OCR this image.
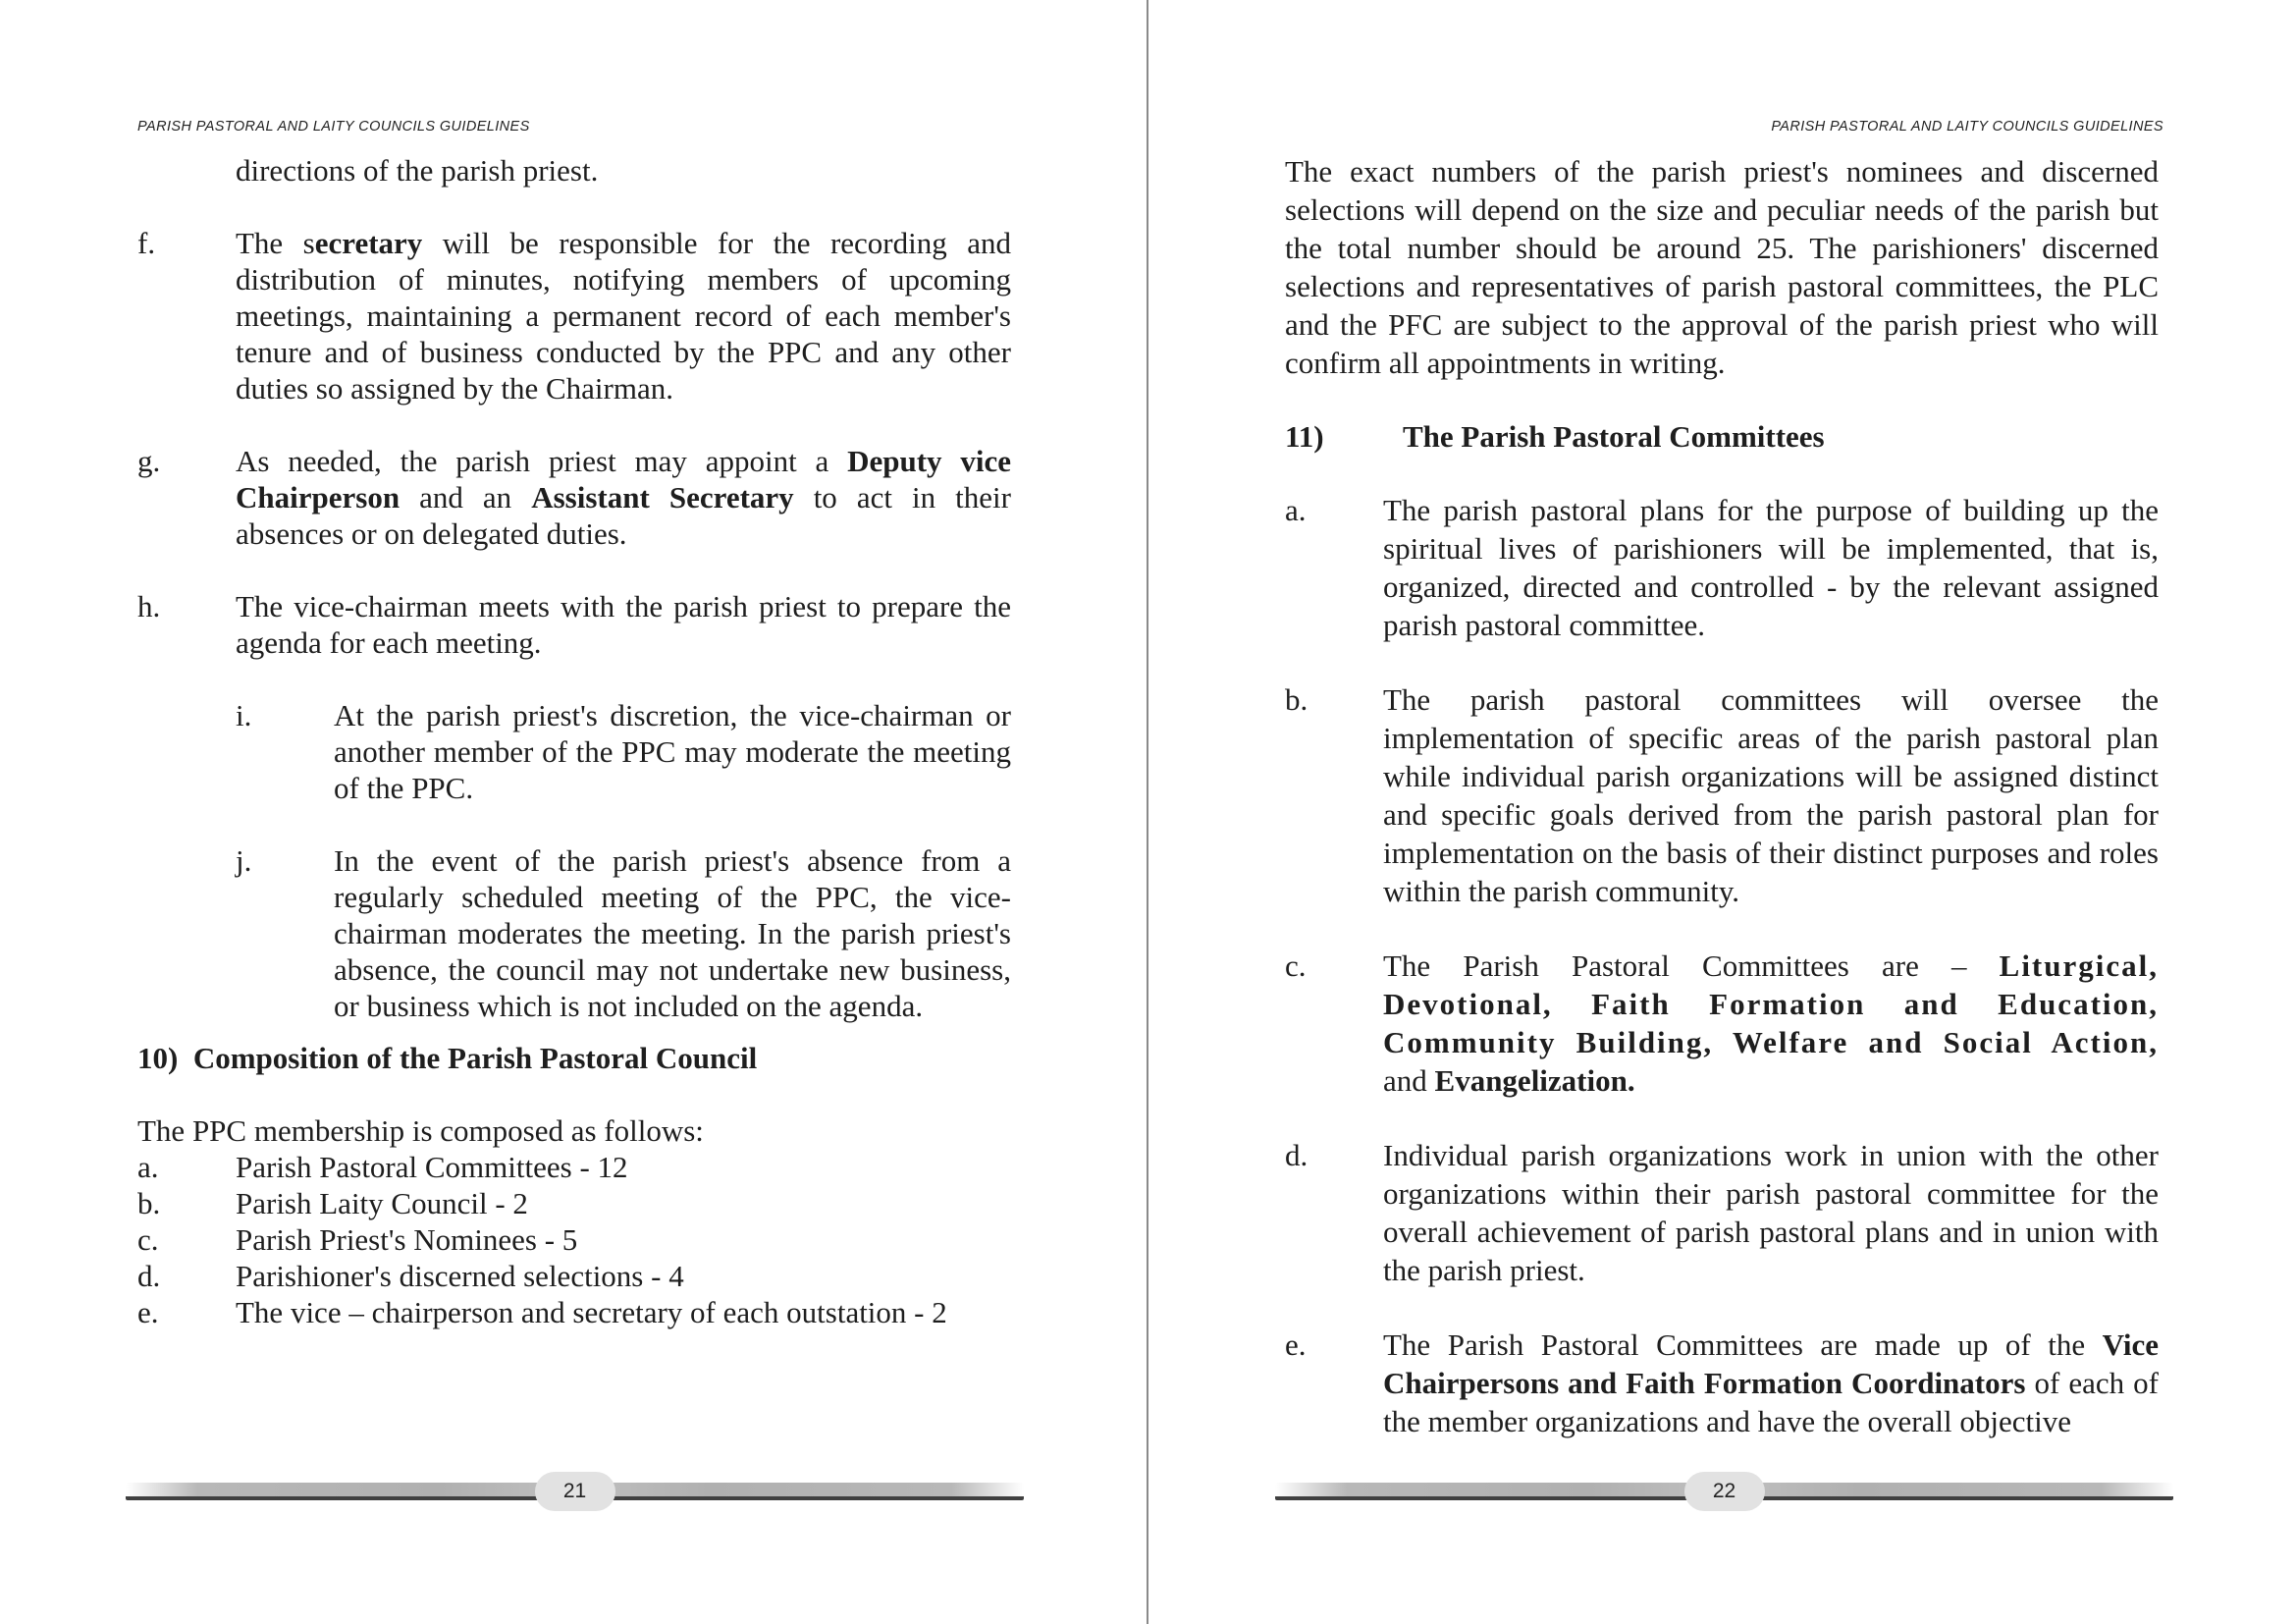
PARISH PASTORAL AND LAITY COUNCILS GUIDELINES
directions of the parish priest.
f.	The secretary will be responsible for the recording and distribution of minutes, notifying members of upcoming meetings, maintaining a permanent record of each member's tenure and of business conducted by the PPC and any other duties so assigned by the Chairman.
g.	As needed, the parish priest may appoint a Deputy vice Chairperson and an Assistant Secretary to act in their absences or on delegated duties.
h.	The vice-chairman meets with the parish priest to prepare the agenda for each meeting.
i.	At the parish priest's discretion, the vice-chairman or another member of the PPC may moderate the meeting of the PPC.
j.	In the event of the parish priest's absence from a regularly scheduled meeting of the PPC, the vice-chairman moderates the meeting. In the parish priest's absence, the council may not undertake new business, or business which is not included on the agenda.
10)
Composition of the Parish Pastoral Council

The PPC membership is composed as follows:

a.	Parish Pastoral Committees - 12
b.	Parish Laity Council - 2
c.	Parish Priest's Nominees - 5
d.	Parishioner's discerned selections - 4
e.	The vice – chairperson and secretary of each outstation - 2
21
PARISH PASTORAL AND LAITY COUNCILS GUIDELINES

The exact numbers of the parish priest's nominees and discerned selections will depend on the size and peculiar needs of the parish but the total number should be around 25. The parishioners' discerned selections and representatives of parish pastoral committees, the PLC and the PFC are subject to the approval of the parish priest who will confirm all appointments in writing.

11)	The Parish Pastoral Committees
a.	The parish pastoral plans for the purpose of building up the spiritual lives of parishioners will be implemented, that is, organized, directed and controlled - by the relevant assigned parish pastoral committee.
b.	The parish pastoral committees will oversee the implementation of specific areas of the parish pastoral plan while individual parish organizations will be assigned distinct and specific goals derived from the parish pastoral plan for implementation on the basis of their distinct purposes and roles within the parish community.
c.	The Parish Pastoral Committees are – Liturgical, Devotional, Faith Formation and Education, Community Building, Welfare and Social Action, and Evangelization.
d.	Individual parish organizations work in union with the other organizations within their parish pastoral committee for the overall achievement of parish pastoral plans and in union with the parish priest.
e.	The Parish Pastoral Committees are made up of the Vice Chairpersons and Faith Formation Coordinators of each of the member organizations and have the overall objective
22
